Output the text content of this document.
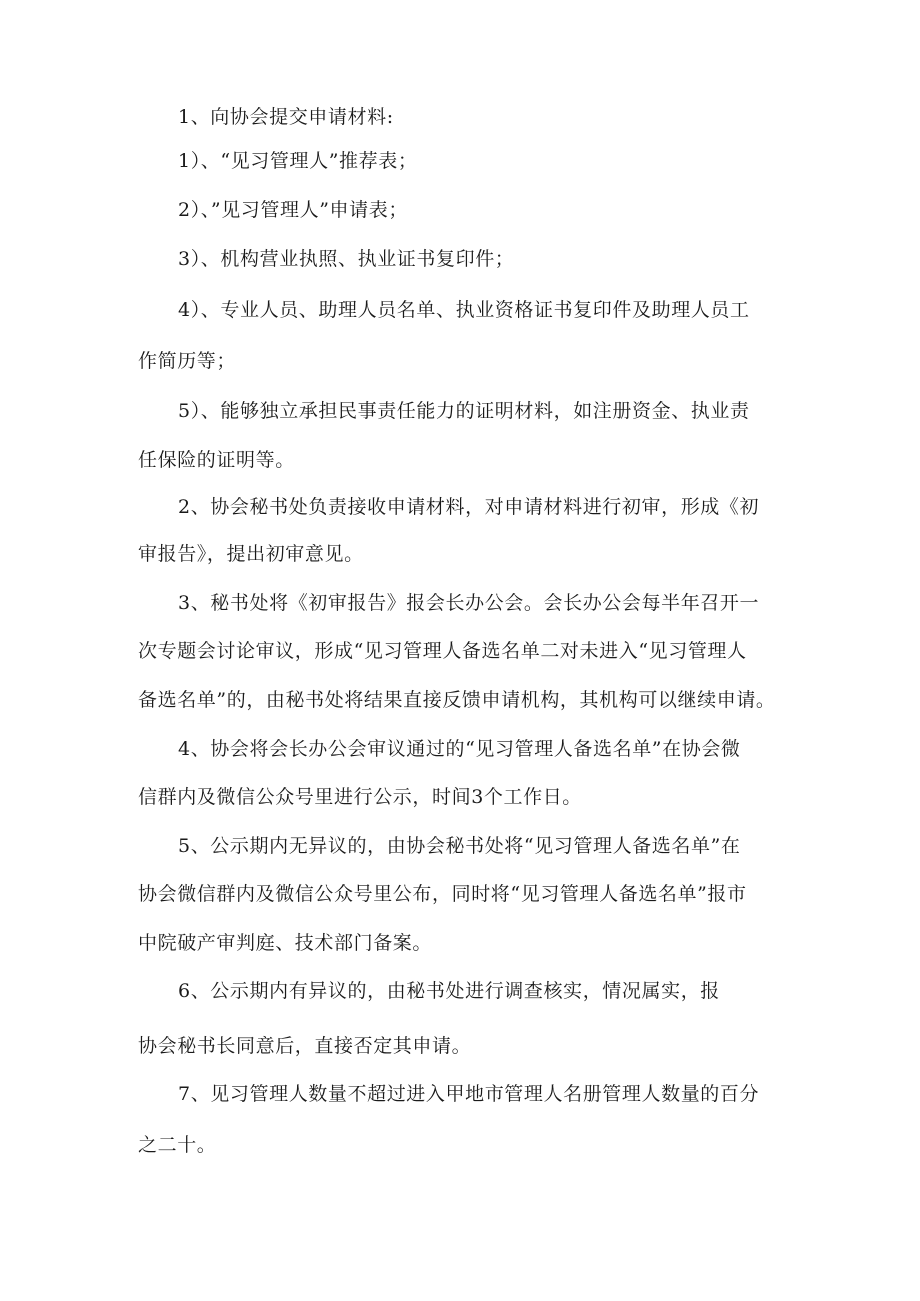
1、向协会提交申请材料:
1）、“见习管理人”推荐表；
2）、”见习管理人”申请表；
3）、机构营业执照、执业证书复印件；
4）、专业人员、助理人员名单、执业资格证书复印件及助理人员工
作简历等；
5）、能够独立承担民事责任能力的证明材料，如注册资金、执业责
任保险的证明等。
2、协会秘书处负责接收申请材料，对申请材料进行初审，形成《初
审报告》，提出初审意见。
3、秘书处将《初审报告》报会长办公会。会长办公会每半年召开一
次专题会讨论审议，形成“见习管理人备选名单二对未进入“见习管理人
备选名单”的，由秘书处将结果直接反馈申请机构，其机构可以继续申请。
4、协会将会长办公会审议通过的“见习管理人备选名单”在协会微
信群内及微信公众号里进行公示，时间3个工作日。
5、公示期内无异议的，由协会秘书处将“见习管理人备选名单”在
协会微信群内及微信公众号里公布，同时将“见习管理人备选名单”报市
中院破产审判庭、技术部门备案。
6、公示期内有异议的，由秘书处进行调查核实，情况属实，报
协会秘书长同意后，直接否定其申请。
7、见习管理人数量不超过进入甲地市管理人名册管理人数量的百分
之二十。
